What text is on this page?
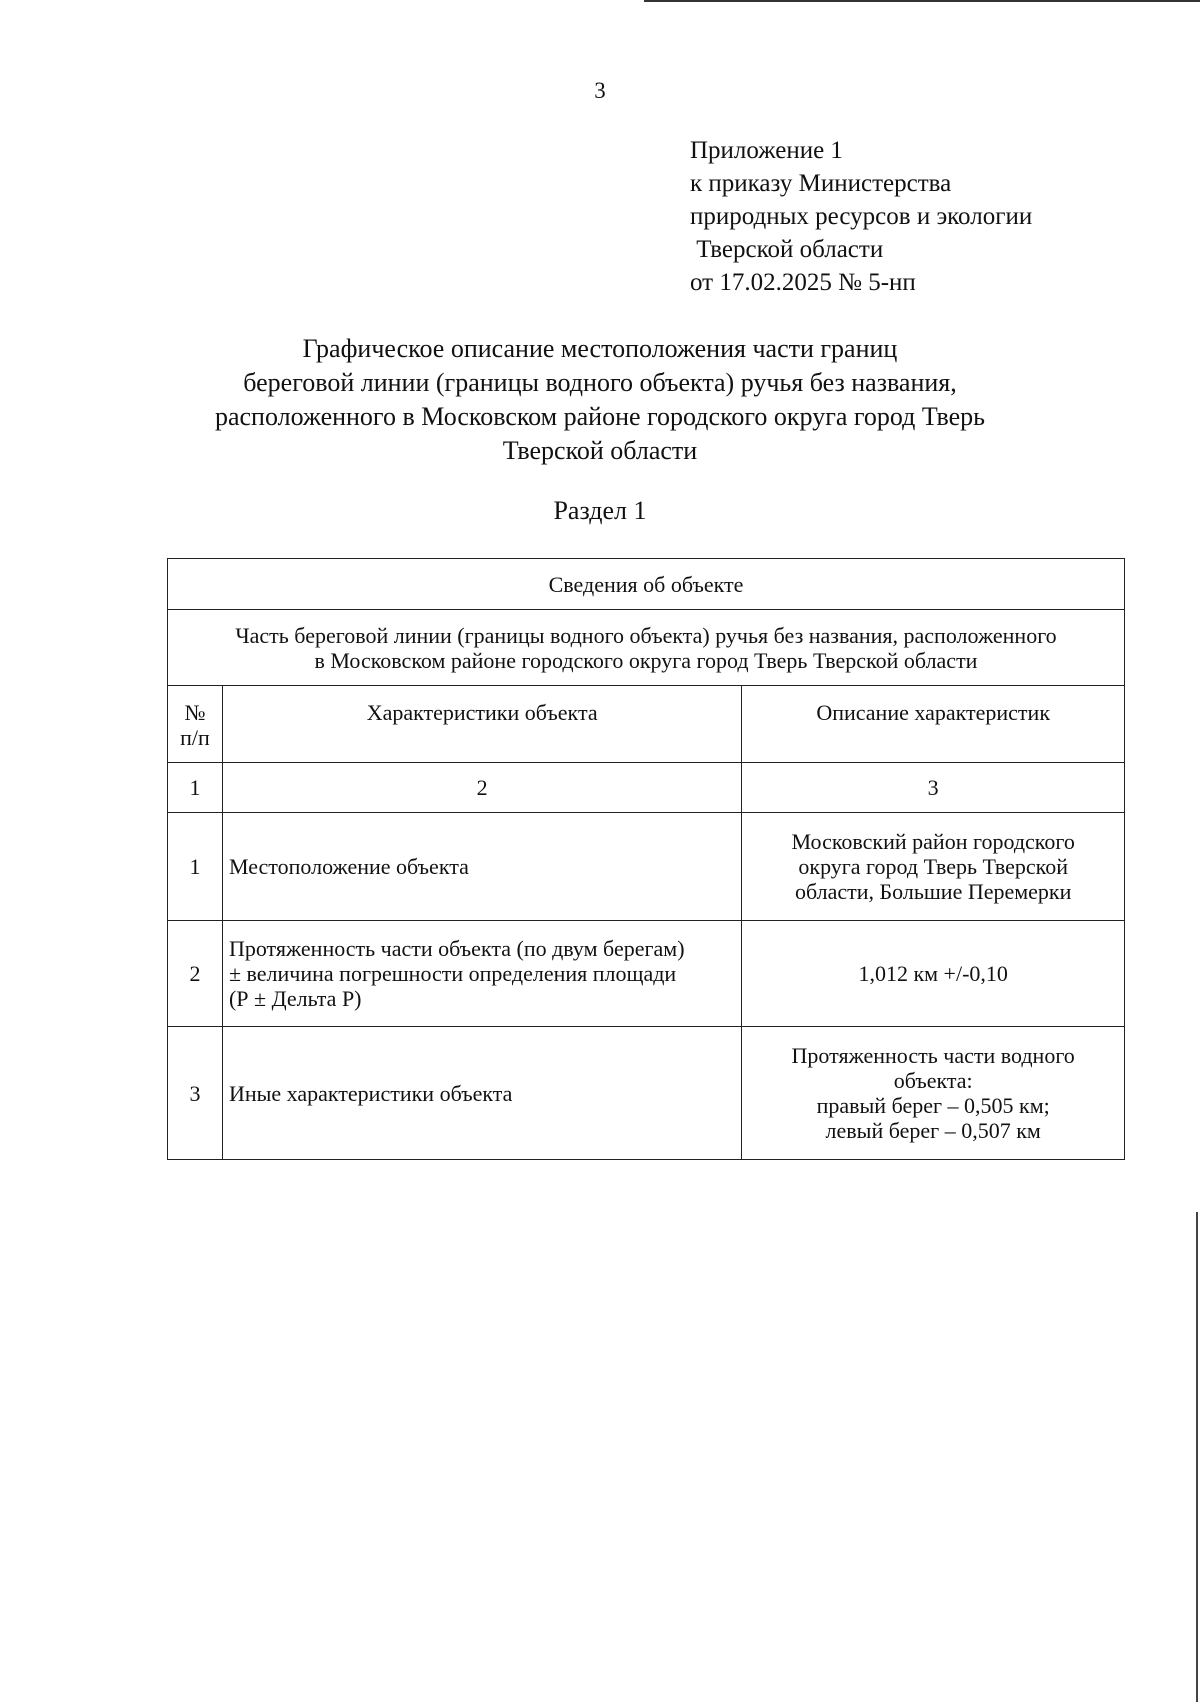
3
Приложение 1
к приказу Министерства
природных ресурсов и экологии
Тверской области
от 17.02.2025 № 5-нп
Графическое описание местоположения части границ
береговой линии (границы водного объекта) ручья без названия,
расположенного в Московском районе городского округа город Тверь
Тверской области
Раздел 1
Сведения об объекте		

Часть береговой линии (границы водного объекта) ручья без названия, расположенного
в Московском районе городского округа город Тверь Тверской области		

№
п/п	Характеристики объекта	Описание характеристик
1	2	3
1	Местоположение объекта	Московский район городского
округа город Тверь Тверской
области, Большие Перемерки

2	Протяженность части объекта (по двум берегам)
± величина погрешности определения площади
(Р ± Дельта Р)	1,012 км +/-0,10

3	Иные характеристики объекта	Протяженность части водного
объекта:
правый берег – 0,505 км;
левый берег – 0,507 км
